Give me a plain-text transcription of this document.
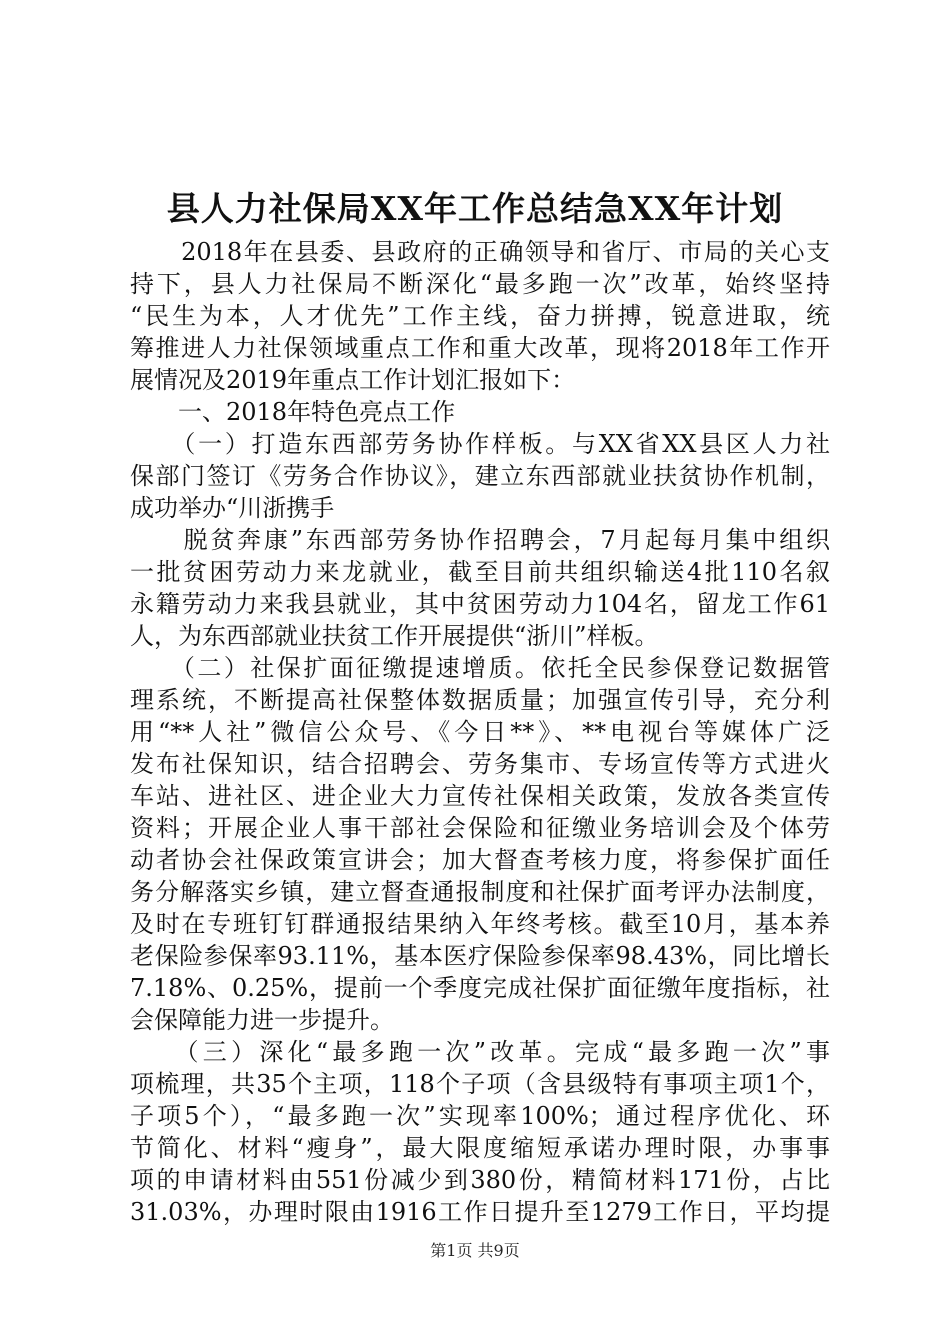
县人力社保局XX年工作总结急XX年计划
　　2018年在县委、县政府的正确领导和省厅、市局的关心支
持下，县人力社保局不断深化“最多跑一次”改革，始终坚持
“民生为本，人才优先”工作主线，奋力拼搏，锐意进取，统
筹推进人力社保领域重点工作和重大改革，现将2018年工作开
展情况及2019年重点工作计划汇报如下：
　　一、2018年特色亮点工作
　　（一）打造东西部劳务协作样板。与XX省XX县区人力社
保部门签订《劳务合作协议》，建立东西部就业扶贫协作机制，
成功举办“川浙携手
　　脱贫奔康”东西部劳务协作招聘会，7月起每月集中组织
一批贫困劳动力来龙就业，截至目前共组织输送4批110名叙
永籍劳动力来我县就业，其中贫困劳动力104名，留龙工作61
人，为东西部就业扶贫工作开展提供“浙川”样板。
　　（二）社保扩面征缴提速增质。依托全民参保登记数据管
理系统，不断提高社保整体数据质量；加强宣传引导，充分利
用“**人社”微信公众号、《今日**》、**电视台等媒体广泛
发布社保知识，结合招聘会、劳务集市、专场宣传等方式进火
车站、进社区、进企业大力宣传社保相关政策，发放各类宣传
资料；开展企业人事干部社会保险和征缴业务培训会及个体劳
动者协会社保政策宣讲会；加大督查考核力度，将参保扩面任
务分解落实乡镇，建立督查通报制度和社保扩面考评办法制度，
及时在专班钉钉群通报结果纳入年终考核。截至10月，基本养
老保险参保率93.11%，基本医疗保险参保率98.43%，同比增长
7.18%、0.25%，提前一个季度完成社保扩面征缴年度指标，社
会保障能力进一步提升。
　　（三）深化“最多跑一次”改革。完成“最多跑一次”事
项梳理，共35个主项，118个子项（含县级特有事项主项1个，
子项5个），“最多跑一次”实现率100%；通过程序优化、环
节简化、材料“瘦身”，最大限度缩短承诺办理时限，办事事
项的申请材料由551份减少到380份，精简材料171份，占比
31.03%，办理时限由1916工作日提升至1279工作日，平均提
第1页 共9页
